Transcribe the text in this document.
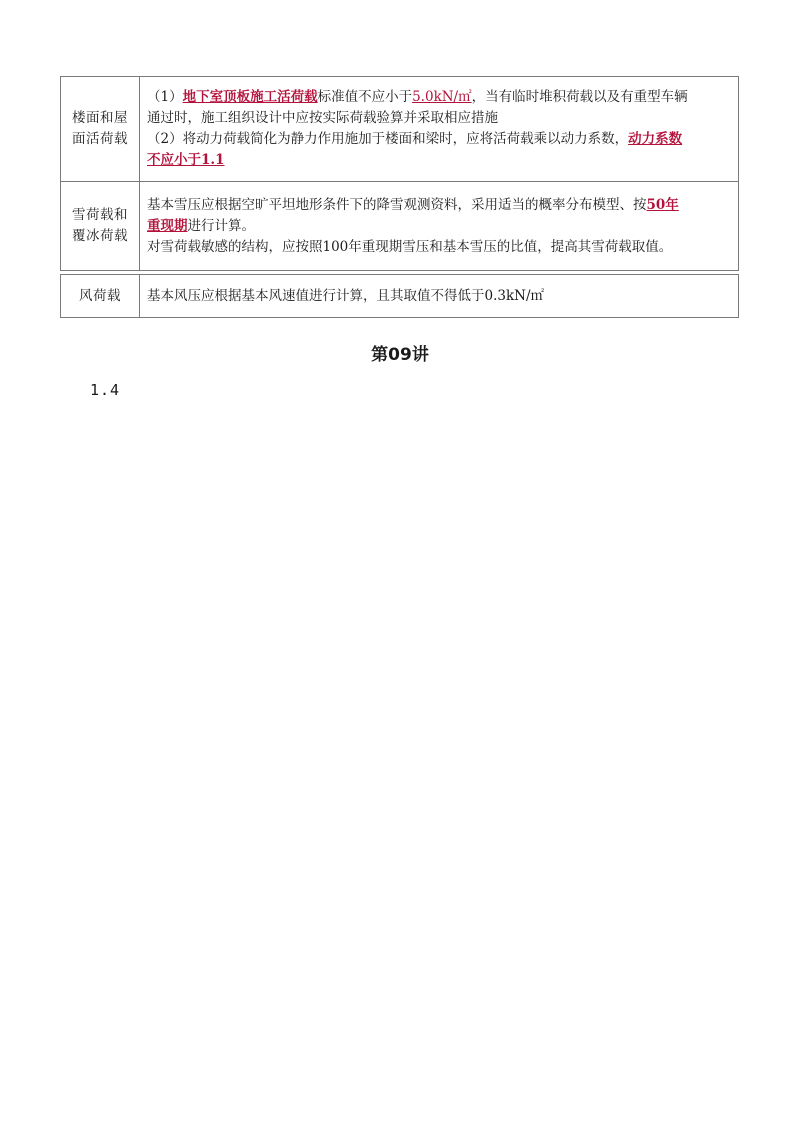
楼面和屋
面活荷载	（1）地下室顶板施工活荷载标准值不应小于5.0kN/㎡，当有临时堆积荷载以及有重型车辆
通过时，施工组织设计中应按实际荷载验算并采取相应措施
（2）将动力荷载简化为静力作用施加于楼面和梁时，应将活荷载乘以动力系数，动力系数
不应小于1.1

雪荷载和
覆冰荷载	基本雪压应根据空旷平坦地形条件下的降雪观测资料，采用适当的概率分布模型、按50年
重现期进行计算。
对雪荷载敏感的结构，应按照100年重现期雪压和基本雪压的比值，提高其雪荷载取值。
风荷载	基本风压应根据基本风速值进行计算，且其取值不得低于0.3kN/㎡
第09讲
1.4
